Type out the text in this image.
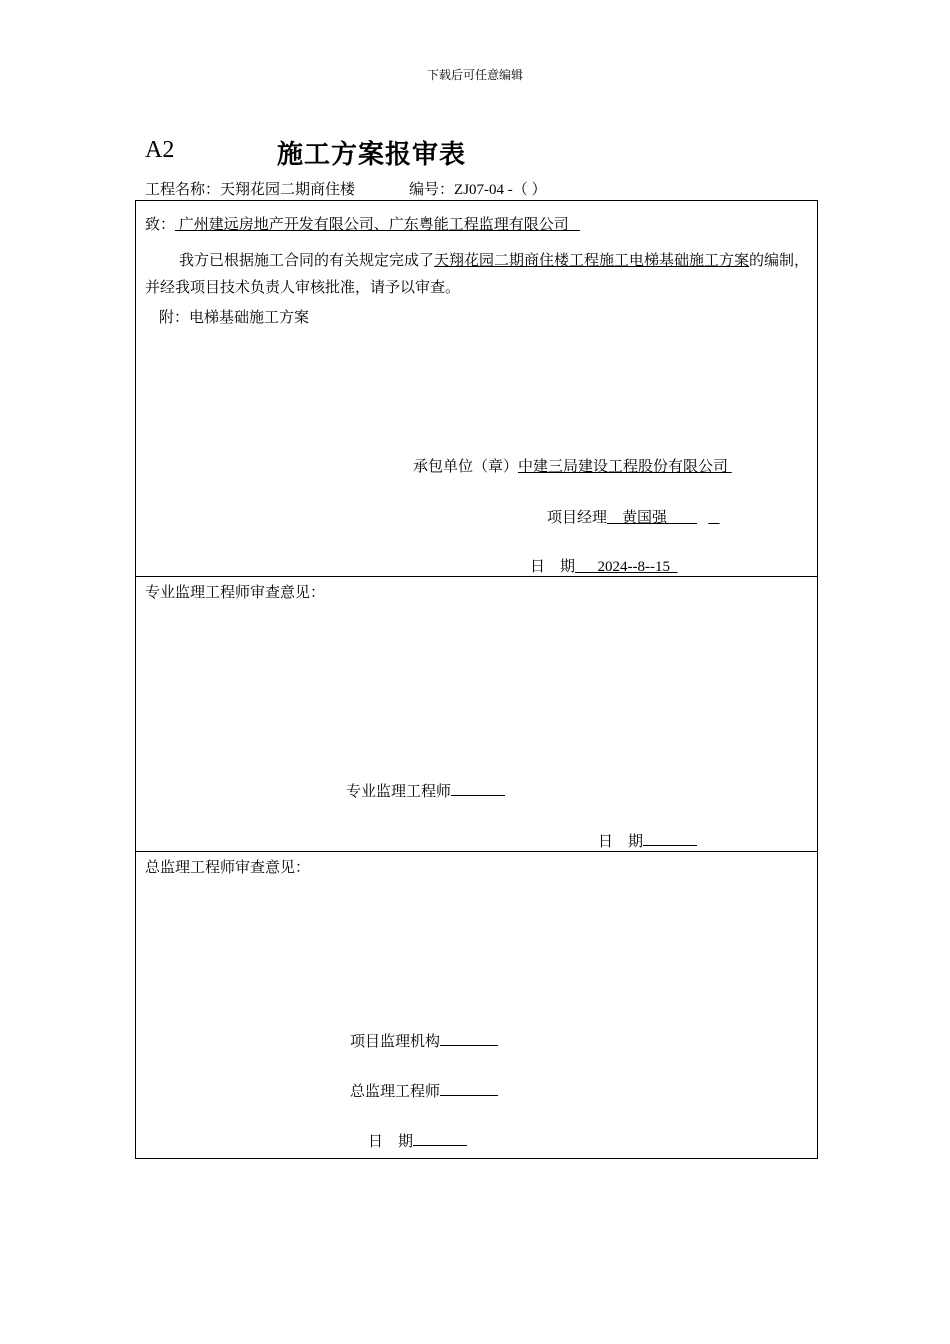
下载后可任意编辑
A2	施工方案报审表
工程名称：天翔花园二期商住楼	编号：ZJ07-04 -（ ）
致： 广州建远房地产开发有限公司、广东粤能工程监理有限公司
我方已根据施工合同的有关规定完成了天翔花园二期商住楼工程施工电梯基础施工方案的编制，并经我项目技术负责人审核批准，请予以审查。
附：电梯基础施工方案
承包单位（章）中建三局建设工程股份有限公司
项目经理    黄国强
日    期      2024--8--15
专业监理工程师审查意见：
专业监理工程师
日    期
总监理工程师审查意见：
项目监理机构
总监理工程师
日    期
